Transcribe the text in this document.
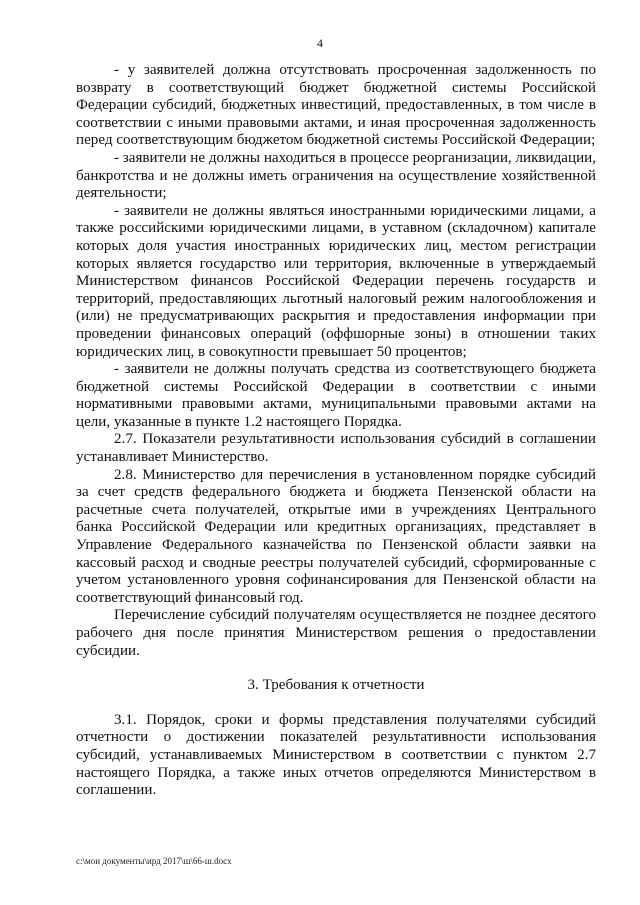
4

- у заявителей должна отсутствовать просроченная задолженность по возврату в соответствующий бюджет бюджетной системы Российской Федерации субсидий, бюджетных инвестиций, предоставленных, в том числе в соответствии с иными правовыми актами, и иная просроченная задолженность перед соответствующим бюджетом бюджетной системы Российской Федерации;

- заявители не должны находиться в процессе реорганизации, ликвидации, банкротства и не должны иметь ограничения на осуществление хозяйственной деятельности;

- заявители не должны являться иностранными юридическими лицами, а также российскими юридическими лицами, в уставном (складочном) капитале которых доля участия иностранных юридических лиц, местом регистрации которых является государство или территория, включенные в утверждаемый Министерством финансов Российской Федерации перечень государств и территорий, предоставляющих льготный налоговый режим налогообложения и (или) не предусматривающих раскрытия и предоставления информации при проведении финансовых операций (оффшорные зоны) в отношении таких юридических лиц, в совокупности превышает 50 процентов;

- заявители не должны получать средства из соответствующего бюджета бюджетной системы Российской Федерации в соответствии с иными нормативными правовыми актами, муниципальными правовыми актами на цели, указанные в пункте 1.2 настоящего Порядка.

2.7. Показатели результативности использования субсидий в соглашении устанавливает Министерство.

2.8. Министерство для перечисления в установленном порядке субсидий за счет средств федерального бюджета и бюджета Пензенской области на расчетные счета получателей, открытые ими в учреждениях Центрального банка Российской Федерации или кредитных организациях, представляет в Управление Федерального казначейства по Пензенской области заявки на кассовый расход и сводные реестры получателей субсидий, сформированные с учетом установленного уровня софинансирования для Пензенской области на соответствующий финансовый год.

Перечисление субсидий получателям осуществляется не позднее десятого рабочего дня после принятия Министерством решения о предоставлении субсидии.

3. Требования к отчетности

3.1. Порядок, сроки и формы представления получателями субсидий отчетности о достижении показателей результативности использования субсидий, устанавливаемых Министерством в соответствии с пунктом 2.7 настоящего Порядка, а также иных отчетов определяются Министерством в соглашении.

c:\мои документы\ирд 2017\ш\66-ш.docx
